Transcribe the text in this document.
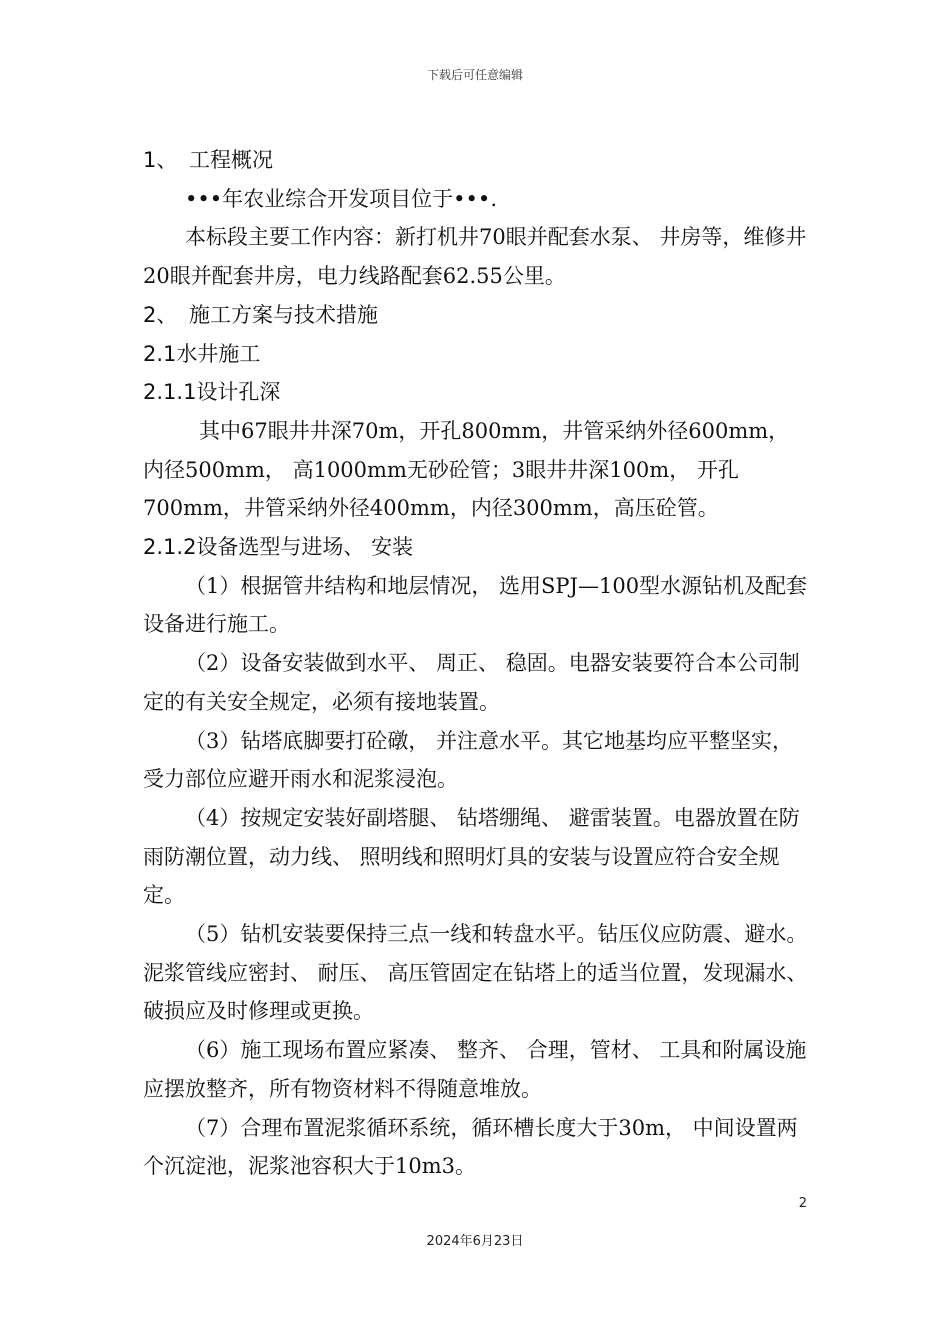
下载后可任意编辑

1、 工程概况

•••年农业综合开发项目位于•••.

本标段主要工作内容：新打机井70眼并配套水泵、 井房等，维修井20眼并配套井房，电力线路配套62.55公里。

2、 施工方案与技术措施

2.1水井施工

2.1.1设计孔深

其中67眼井井深70m，开孔800mm，井管采纳外径600mm，内径500mm， 高1000mm无砂砼管；3眼井井深100m， 开孔700mm，井管采纳外径400mm，内径300mm，高压砼管。

2.1.2设备选型与进场、 安装

（1）根据管井结构和地层情况， 选用SPJ—100型水源钻机及配套设备进行施工。

（2）设备安装做到水平、 周正、 稳固。电器安装要符合本公司制定的有关安全规定，必须有接地装置。

（3）钻塔底脚要打砼礅， 并注意水平。其它地基均应平整坚实，受力部位应避开雨水和泥浆浸泡。

（4）按规定安装好副塔腿、 钻塔绷绳、 避雷装置。电器放置在防雨防潮位置，动力线、 照明线和照明灯具的安装与设置应符合安全规定。

（5）钻机安装要保持三点一线和转盘水平。钻压仪应防震、避水。泥浆管线应密封、 耐压、 高压管固定在钻塔上的适当位置，发现漏水、 破损应及时修理或更换。

（6）施工现场布置应紧凑、 整齐、 合理，管材、 工具和附属设施应摆放整齐，所有物资材料不得随意堆放。

（7）合理布置泥浆循环系统，循环槽长度大于30m， 中间设置两个沉淀池，泥浆池容积大于10m3。

2
2024年6月23日
